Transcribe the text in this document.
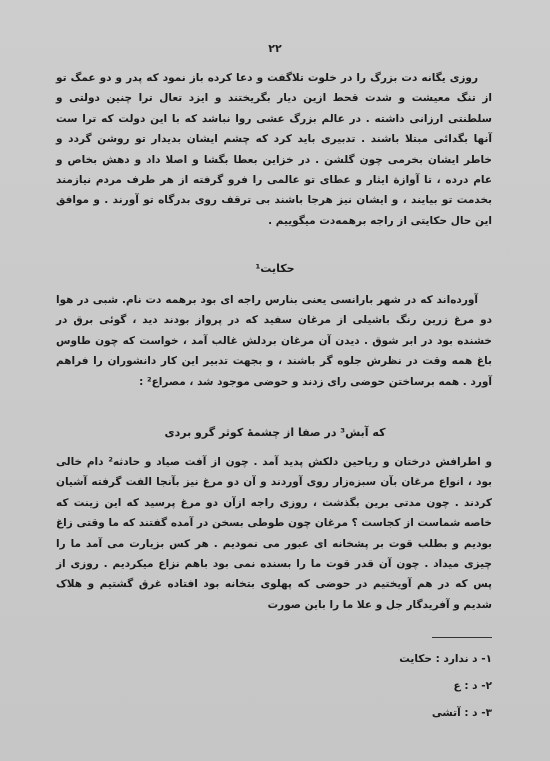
۲۲

روزی یگانه دت بزرگ را در خلوت تلاگفت و دعا کرده باز نمود که پدر و دو عمگ تو از تنگ معیشت و شدت قحط ازین دیار بگریختند و ایزد تعال ترا چنین دولتی و سلطنتی ارزانی داشته . در عالم بزرگ عشی روا نباشد که با این دولت که ترا ست آنها بگدائی مبتلا باشند . تدبیری باید کرد که چشم ایشان بدیدار تو روشن گردد و خاطر ایشان بخرمی چون گلشن . در خزاین بعطا بگشا و اصلا داد و دهش بخاص و عام درده ، تا آوازة ایثار و عطای تو عالمی را فرو گرفته از هر طرف مردم نیازمند بخدمت تو بیایند ، و ایشان نیز هرجا باشند بی ترقف روی بدرگاه تو آورند . و موافق این حال حکایتی از راجه برهمه‌دت میگوییم .

حکایت¹

آورده‌اند که در شهر بارانسی یعنی بنارس راجه ای بود برهمه دت نام. شبی در هوا دو مرغ زرین رنگ باشیلی از مرغان سفید که در پرواز بودند دید ، گوئی برق در خشنده بود در ابر شوق . دیدن آن مرغان بردلش غالب آمد ، خواست که چون طاوس باغ همه وقت در نظرش جلوه گر باشند ، و بجهت تدبیر این کار دانشوران را فراهم آورد . همه برساختن حوضی رای زدند و حوضی موجود شد ، مصراع² :

که آبش³ در صفا از چشمهٔ کوثر گرو بردی

و اطرافش درختان و ریاحین دلکش پدید آمد . چون از آفت صیاد و حادثه² دام خالی بود ، انواع مرغان بآن سبزه‌زار روی آوردند و آن دو مرغ نیز بآنجا الفت گرفته آشیان کردند . چون مدتی برین بگذشت ، روزی راجه ازآن دو مرغ پرسید که این زینت که خاصه شماست از کجاست ؟ مرغان چون طوطی بسخن در آمده گفتند که ما وقتی زاغ بودیم و بطلب قوت بر پشخانه ای عبور می نمودیم . هر کس بزیارت می آمد ما را چیزی میداد . چون آن قدر قوت ما را بسنده نمی بود باهم نزاع میکردیم . روزی از پس که در هم آویختیم در حوضی که پهلوی بتخانه بود افتاده غرق گشتیم و هلاک شدیم و آفریدگار جل و علا ما را باین صورت

۱- د ندارد : حکایت
۲- د : ع
۳- د : آتشی
